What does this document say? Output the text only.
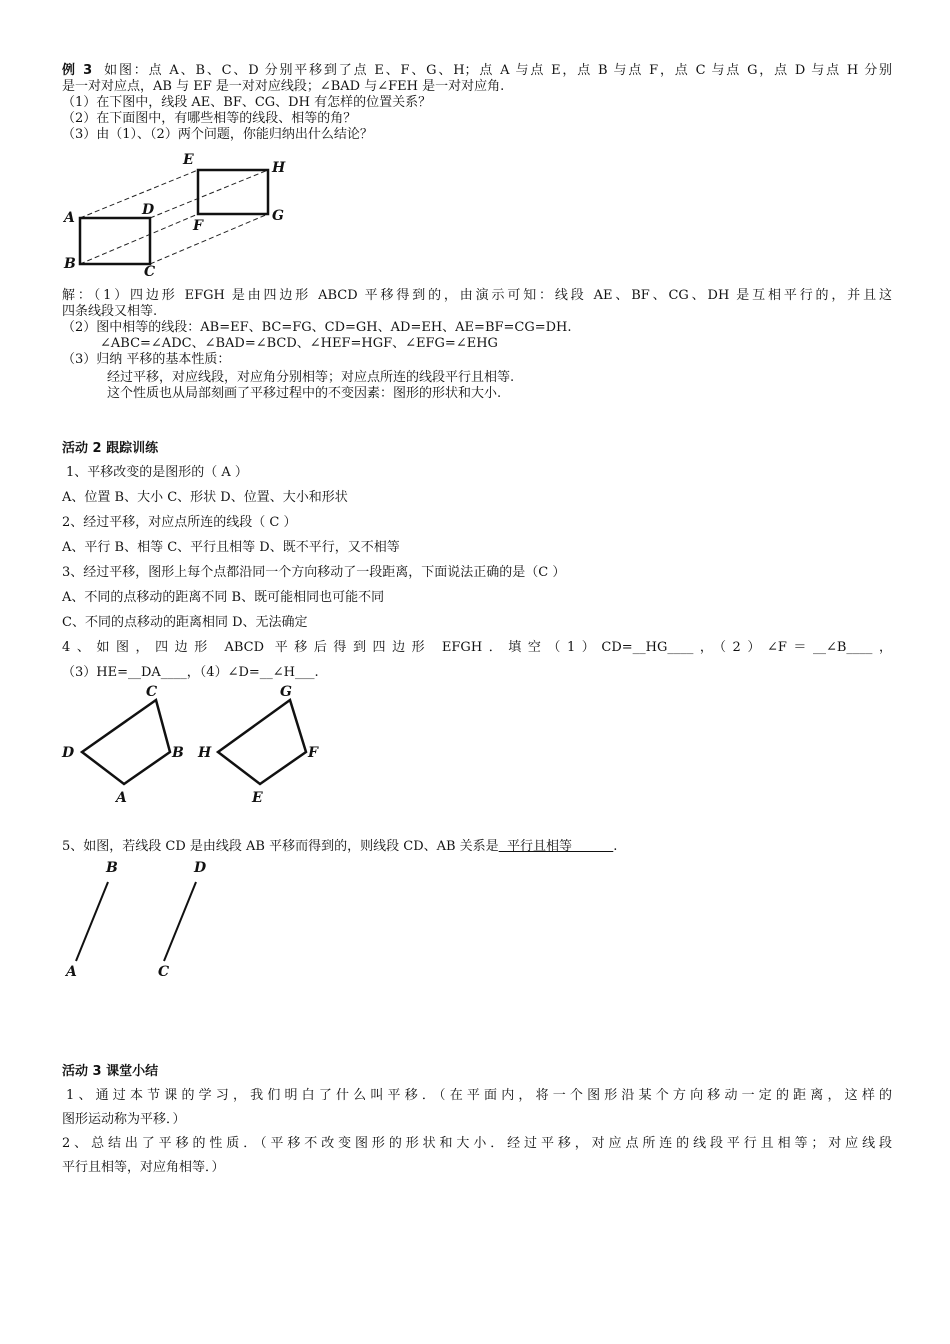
例 3 如图：点 A、B、C、D 分别平移到了点 E、F、G、H；点 A 与点 E，点 B 与点 F，点 C 与点 G，点 D 与点 H 分别
是一对对应点，AB 与 EF 是一对对应线段；∠BAD 与∠FEH 是一对对应角.
（1）在下图中，线段 AE、BF、CG、DH 有怎样的位置关系？
（2）在下面图中，有哪些相等的线段、相等的角？
（3）由（1）、（2）两个问题，你能归纳出什么结论？
E	H
A	D
F
G
B	C
解：（1）四边形 EFGH 是由四边形 ABCD 平移得到的，由演示可知：线段 AE、BF、CG、DH 是互相平行的，并且这
四条线段又相等.
（2）图中相等的线段：AB=EF、BC=FG、CD=GH、AD=EH、AE=BF=CG=DH.
∠ABC=∠ADC、∠BAD=∠BCD、∠HEF=HGF、∠EFG=∠EHG
（3）归纳 平移的基本性质：
经过平移，对应线段，对应角分别相等；对应点所连的线段平行且相等.
这个性质也从局部刻画了平移过程中的不变因素：图形的形状和大小.
活动 2 跟踪训练
1、平移改变的是图形的（ A ）
A、位置 B、大小 C、形状 D、位置、大小和形状
2、经过平移，对应点所连的线段（ C ）
A、平行 B、相等 C、平行且相等 D、既不平行，又不相等
3、经过平移，图形上每个点都沿同一个方向移动了一段距离，下面说法正确的是（C ）
A、不同的点移动的距离不同 B、既可能相同也可能不同
C、不同的点移动的距离相同 D、无法确定
4、如图，四边形 ABCD 平移后得到四边形 EFGH．填空（1）CD=__HG____，（2）∠F＝__∠B____，
（3）HE=__DA____，（4）∠D=__∠H___.
C
D	B
A
G
H	F
E
5、如图，若线段 CD 是由线段 AB 平移而得到的，则线段 CD、AB 关系是  平行且相等          .
B	D
A	C
活动 3 课堂小结
1、通过本节课的学习，我们明白了什么叫平移．（在平面内，将一个图形沿某个方向移动一定的距离，这样的
图形运动称为平移．）
2、总结出了平移的性质．（平移不改变图形的形状和大小．经过平移，对应点所连的线段平行且相等；对应线段
平行且相等，对应角相等．）
